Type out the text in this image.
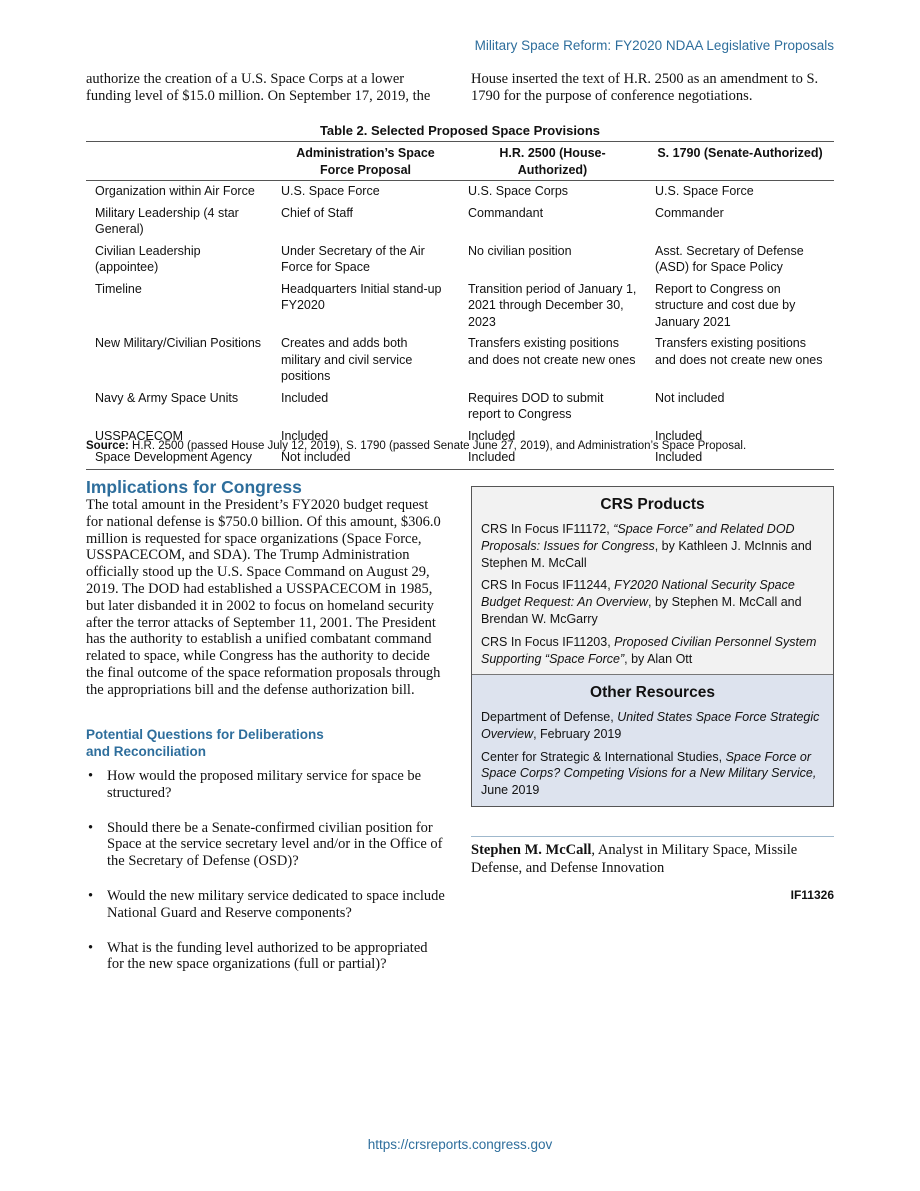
Military Space Reform: FY2020 NDAA Legislative Proposals
authorize the creation of a U.S. Space Corps at a lower funding level of $15.0 million. On September 17, 2019, the
House inserted the text of H.R. 2500 as an amendment to S. 1790 for the purpose of conference negotiations.
Table 2. Selected Proposed Space Provisions
	Administration’s Space Force Proposal	H.R. 2500 (House-Authorized)	S. 1790 (Senate-Authorized)
Organization within Air Force	U.S. Space Force	U.S. Space Corps	U.S. Space Force
Military Leadership (4 star General)	Chief of Staff	Commandant	Commander
Civilian Leadership (appointee)	Under Secretary of the Air Force for Space	No civilian position	Asst. Secretary of Defense (ASD) for Space Policy
Timeline	Headquarters Initial stand-up FY2020	Transition period of January 1, 2021 through December 30, 2023	Report to Congress on structure and cost due by January 2021
New Military/Civilian Positions	Creates and adds both military and civil service positions	Transfers existing positions and does not create new ones	Transfers existing positions and does not create new ones
Navy & Army Space Units	Included	Requires DOD to submit report to Congress	Not included
USSPACECOM	Included	Included	Included
Space Development Agency	Not included	Included	Included
Source: H.R. 2500 (passed House July 12, 2019), S. 1790 (passed Senate June 27, 2019), and Administration’s Space Proposal.
Implications for Congress
The total amount in the President’s FY2020 budget request for national defense is $750.0 billion. Of this amount, $306.0 million is requested for space organizations (Space Force, USSPACECOM, and SDA). The Trump Administration officially stood up the U.S. Space Command on August 29, 2019. The DOD had established a USSPACECOM in 1985, but later disbanded it in 2002 to focus on homeland security after the terror attacks of September 11, 2001. The President has the authority to establish a unified combatant command related to space, while Congress has the authority to decide the final outcome of the space reformation proposals through the appropriations bill and the defense authorization bill.
Potential Questions for Deliberations
and Reconciliation
• How would the proposed military service for space be structured?
• Should there be a Senate-confirmed civilian position for Space at the service secretary level and/or in the Office of the Secretary of Defense (OSD)?
• Would the new military service dedicated to space include National Guard and Reserve components?
• What is the funding level authorized to be appropriated for the new space organizations (full or partial)?
CRS Products
CRS In Focus IF11172, “Space Force” and Related DOD Proposals: Issues for Congress, by Kathleen J. McInnis and Stephen M. McCall
CRS In Focus IF11244, FY2020 National Security Space Budget Request: An Overview, by Stephen M. McCall and Brendan W. McGarry
CRS In Focus IF11203, Proposed Civilian Personnel System Supporting “Space Force”, by Alan Ott
Other Resources
Department of Defense, United States Space Force Strategic Overview, February 2019
Center for Strategic & International Studies, Space Force or Space Corps? Competing Visions for a New Military Service, June 2019
Stephen M. McCall, Analyst in Military Space, Missile Defense, and Defense Innovation
IF11326
https://crsreports.congress.gov
